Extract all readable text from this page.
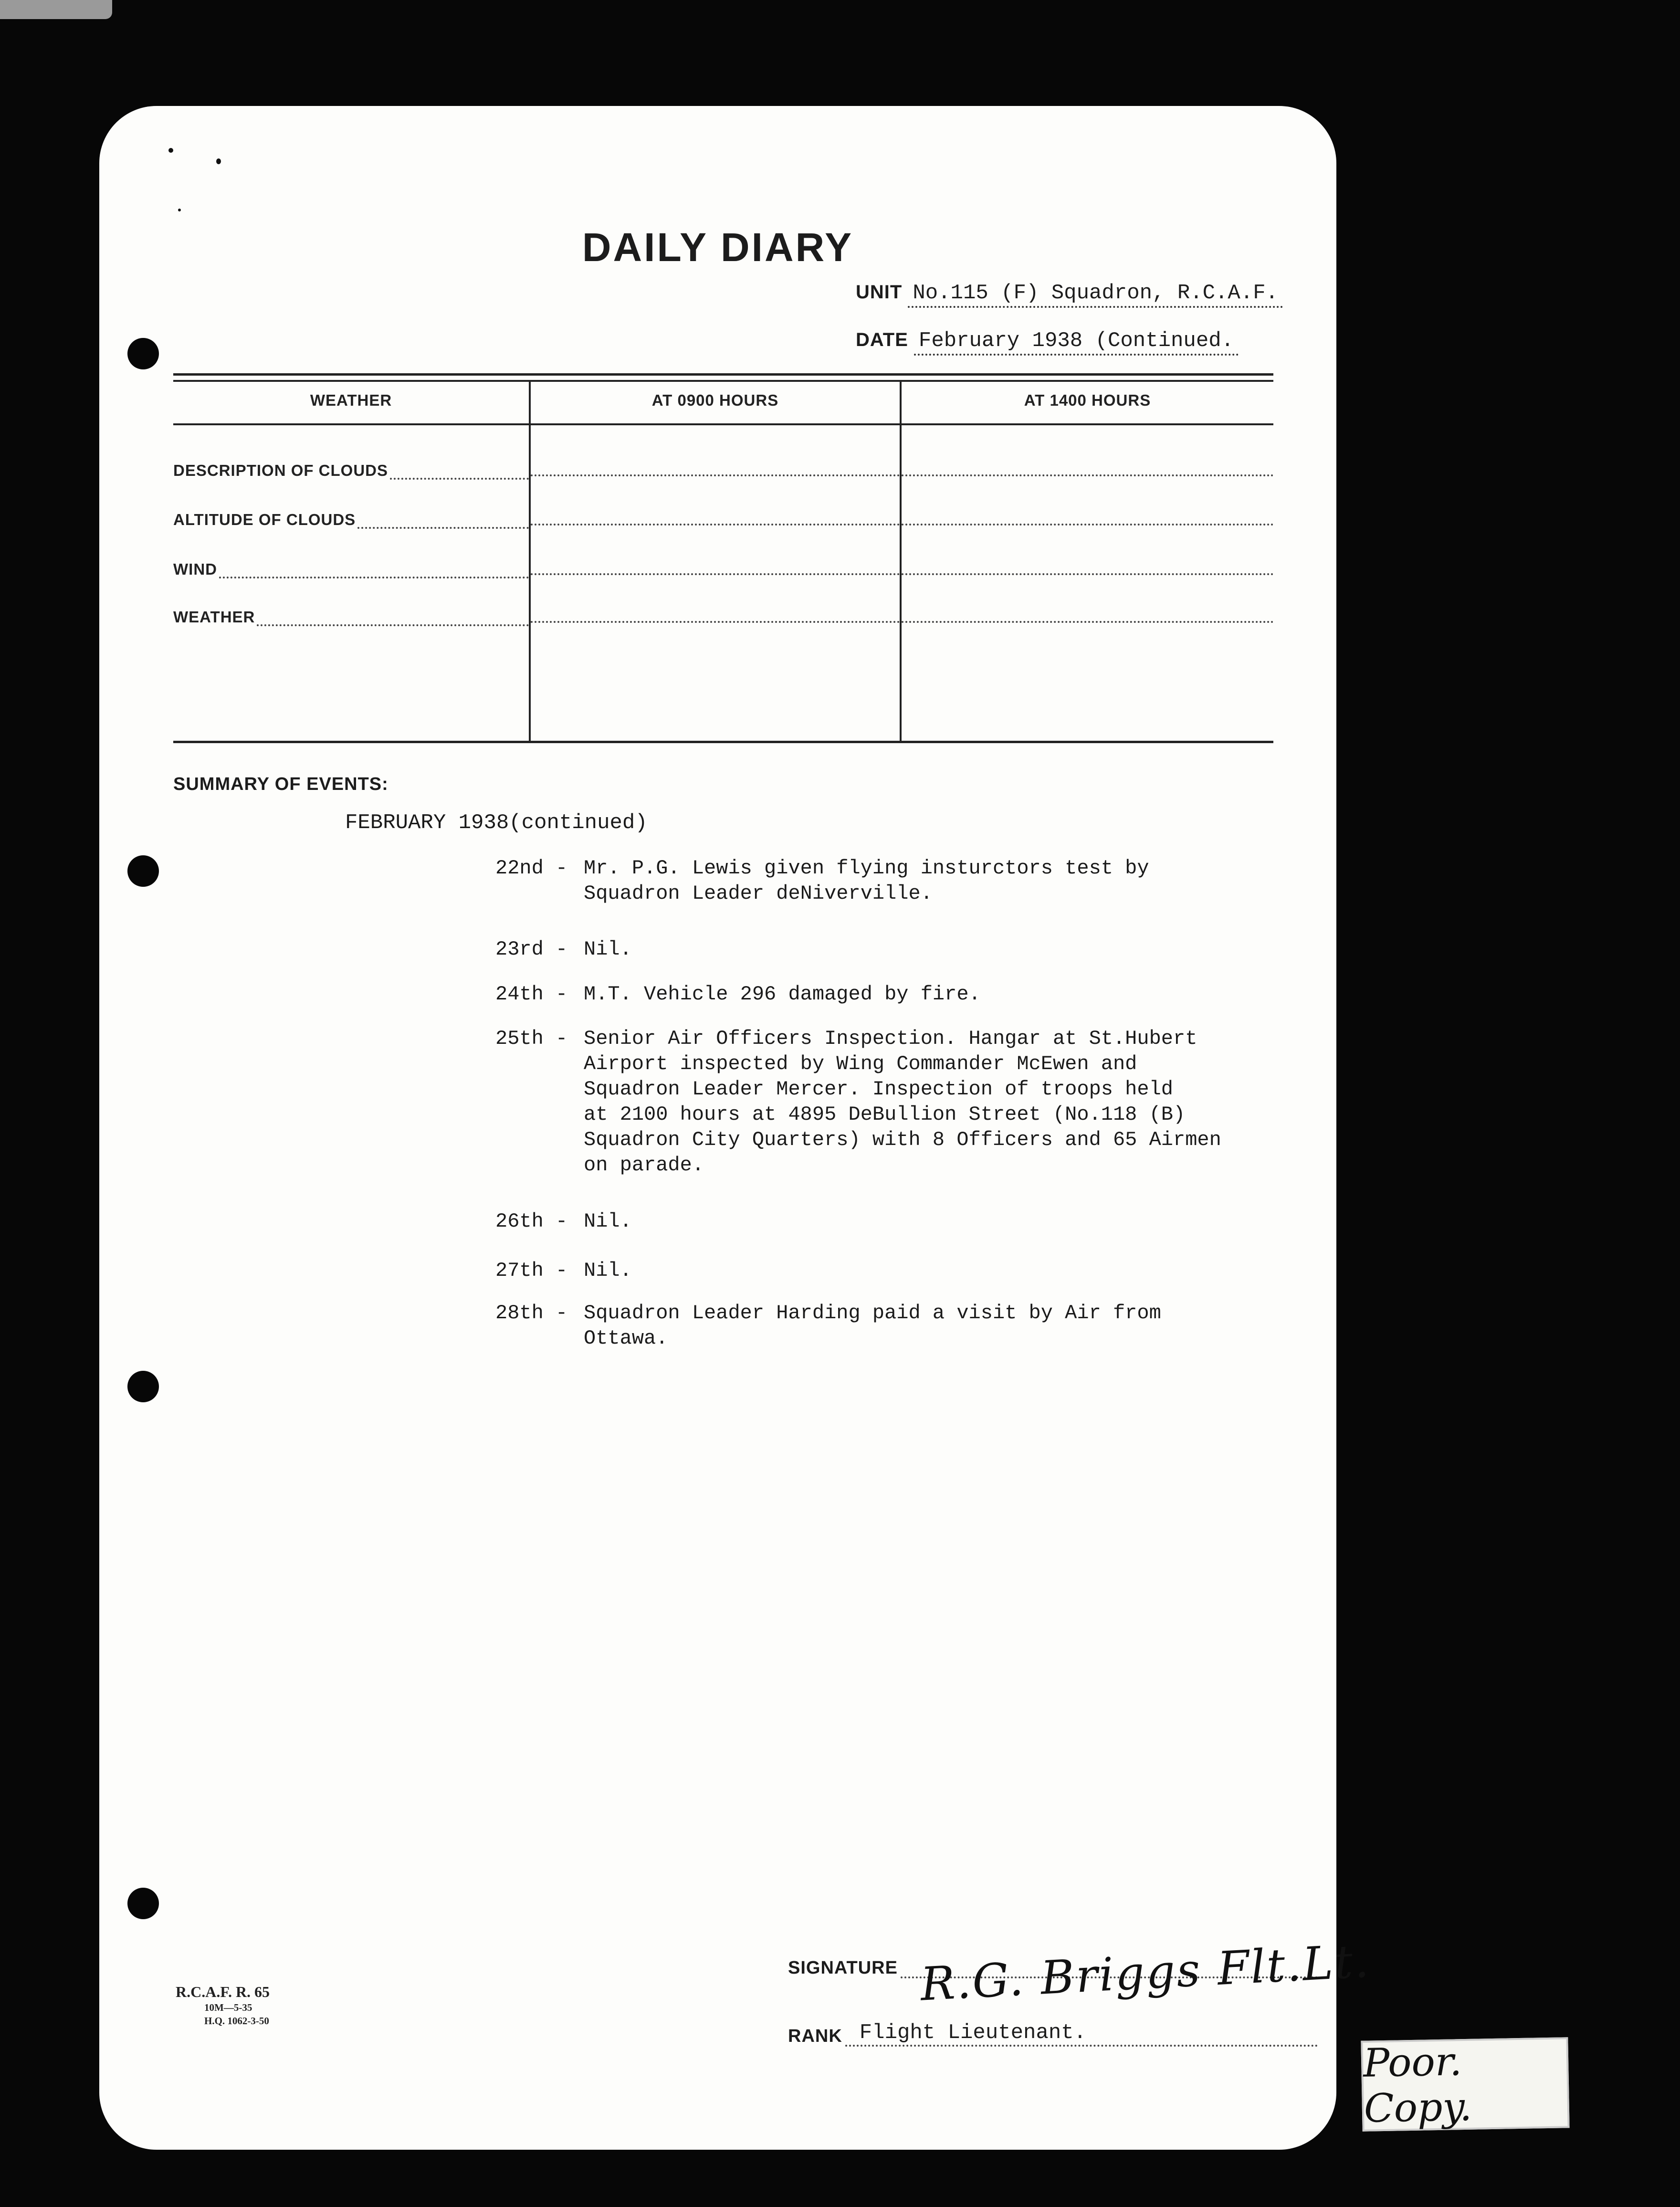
DAILY DIARY
UNIT No.115 (F) Squadron, R.C.A.F.
DATE February 1938 (Continued.
WEATHER	AT 0900 HOURS	AT 1400 HOURS
DESCRIPTION OF CLOUDS
ALTITUDE OF CLOUDS
WIND
WEATHER
SUMMARY OF EVENTS:
FEBRUARY 1938(continued)
22nd - Mr. P.G. Lewis given flying insturctors test by
Squadron Leader deNiverville.
23rd - Nil.
24th - M.T. Vehicle 296 damaged by fire.
25th - Senior Air Officers Inspection. Hangar at St.Hubert
Airport inspected by Wing Commander McEwen and
Squadron Leader Mercer. Inspection of troops held
at 2100 hours at 4895 DeBullion Street (No.118 (B)
Squadron City Quarters) with 8 Officers and 65 Airmen
on parade.
26th - Nil.
27th - Nil.
28th - Squadron Leader Harding paid a visit by Air from
Ottawa.
R.C.A.F. R. 65
10M—5-35
H.Q. 1062-3-50
SIGNATURE R.G. Briggs Flt.Lt.
RANK Flight Lieutenant.
Poor. Copy.
